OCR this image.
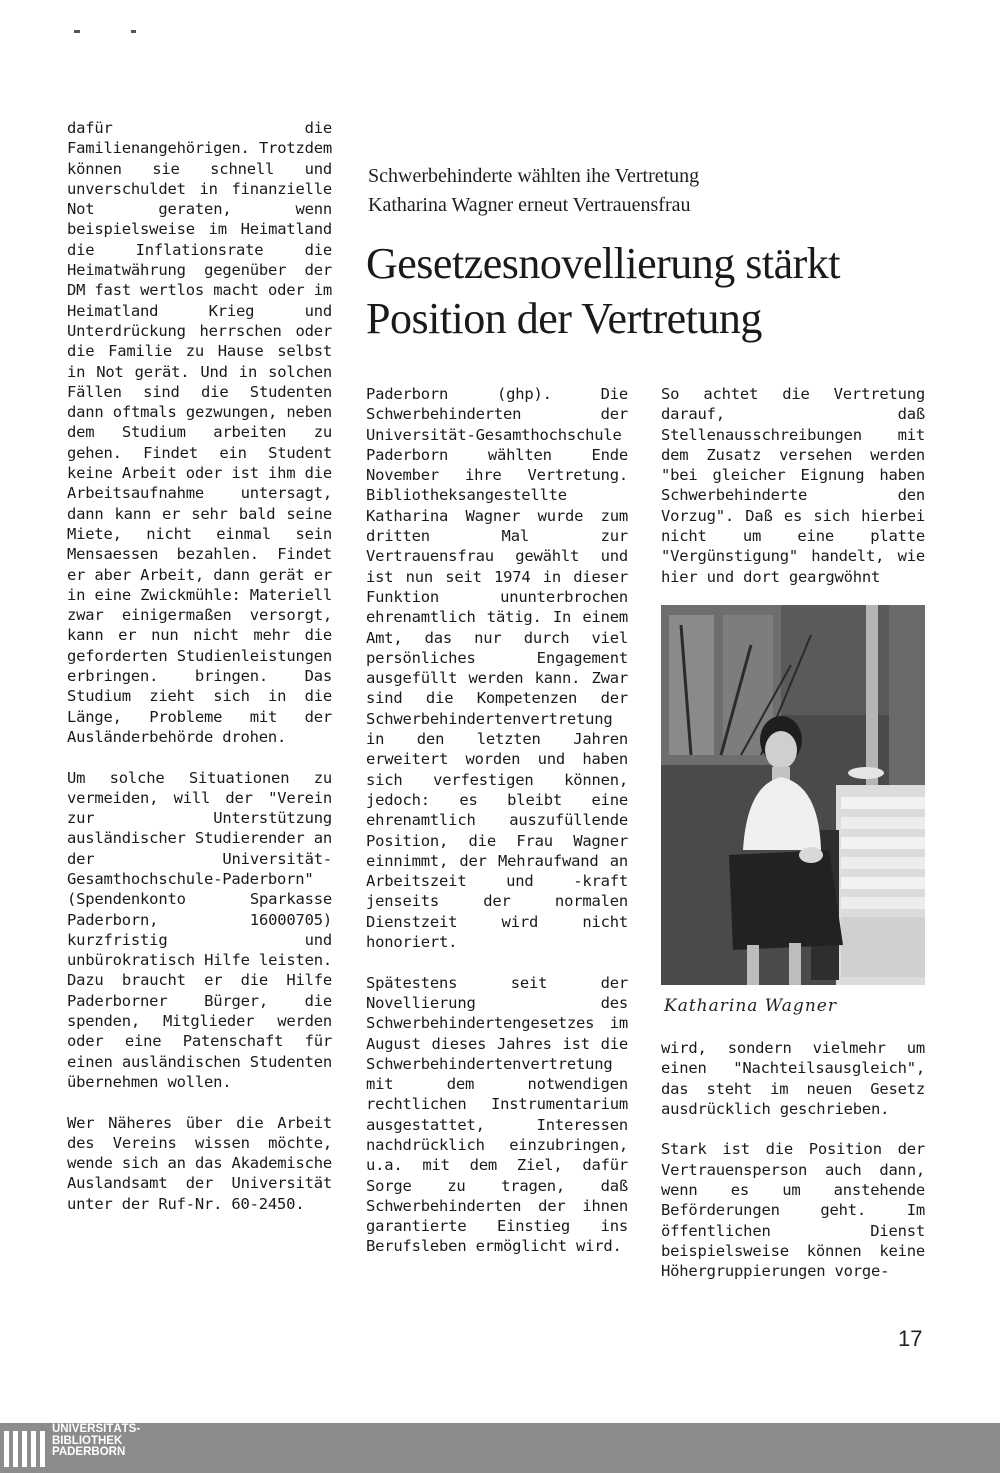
dafür die Familienangehörigen. Trotzdem können sie schnell und unverschuldet in finanzielle Not geraten, wenn beispielsweise im Heimatland die Inflationsrate die Heimatwährung gegenüber der DM fast wertlos macht oder im Heimatland Krieg und Unterdrückung herrschen oder die Familie zu Hause selbst in Not gerät. Und in solchen Fällen sind die Studenten dann oftmals gezwungen, neben dem Studium arbeiten zu gehen. Findet ein Student keine Arbeit oder ist ihm die Arbeitsaufnahme untersagt, dann kann er sehr bald seine Miete, nicht einmal sein Mensaessen bezahlen. Findet er aber Arbeit, dann gerät er in eine Zwickmühle: Materiell zwar einigermaßen versorgt, kann er nun nicht mehr die geforderten Studienleistungen erbringen. bringen. Das Studium zieht sich in die Länge, Probleme mit der Ausländerbehörde drohen.

Um solche Situationen zu vermeiden, will der "Verein zur Unterstützung ausländischer Studierender an der Universität-Gesamthochschule-Paderborn" (Spendenkonto Sparkasse Paderborn, 16000705) kurzfristig und unbürokratisch Hilfe leisten. Dazu braucht er die Hilfe Paderborner Bürger, die spenden, Mitglieder werden oder eine Patenschaft für einen ausländischen Studenten übernehmen wollen.

Wer Näheres über die Arbeit des Vereins wissen möchte, wende sich an das Akademische Auslandsamt der Universität unter der Ruf-Nr. 60-2450.

Schwerbehinderte wählten ihe Vertretung
Katharina Wagner erneut Vertrauensfrau
Gesetzesnovellierung stärkt
Position der Vertretung

Paderborn (ghp). Die Schwerbehinderten der Universität-Gesamthochschule Paderborn wählten Ende November ihre Vertretung. Bibliotheksangestellte Katharina Wagner wurde zum dritten Mal zur Vertrauensfrau gewählt und ist nun seit 1974 in dieser Funktion ununterbrochen ehrenamtlich tätig. In einem Amt, das nur durch viel persönliches Engagement ausgefüllt werden kann. Zwar sind die Kompetenzen der Schwerbehindertenvertretung in den letzten Jahren erweitert worden und haben sich verfestigen können, jedoch: es bleibt eine ehrenamtlich auszufüllende Position, die Frau Wagner einnimmt, der Mehraufwand an Arbeitszeit und -kraft jenseits der normalen Dienstzeit wird nicht honoriert.

Spätestens seit der Novellierung des Schwerbehindertengesetzes im August dieses Jahres ist die Schwerbehindertenvertretung mit dem notwendigen rechtlichen Instrumentarium ausgestattet, Interessen nachdrücklich einzubringen, u.a. mit dem Ziel, dafür Sorge zu tragen, daß Schwerbehinderten der ihnen garantierte Einstieg ins Berufsleben ermöglicht wird.

So achtet die Vertretung darauf, daß Stellenausschreibungen mit dem Zusatz versehen werden "bei gleicher Eignung haben Schwerbehinderte den Vorzug". Daß es sich hierbei nicht um eine platte "Vergünstigung" handelt, wie hier und dort geargwöhnt

Katharina Wagner

wird, sondern vielmehr um einen "Nachteilsausgleich", das steht im neuen Gesetz ausdrücklich geschrieben.

Stark ist die Position der Vertrauensperson auch dann, wenn es um anstehende Beförderungen geht. Im öffentlichen Dienst beispielsweise können keine Höhergruppierungen vorge-

17
UNIVERSITÄTS-
BIBLIOTHEK
PADERBORN
